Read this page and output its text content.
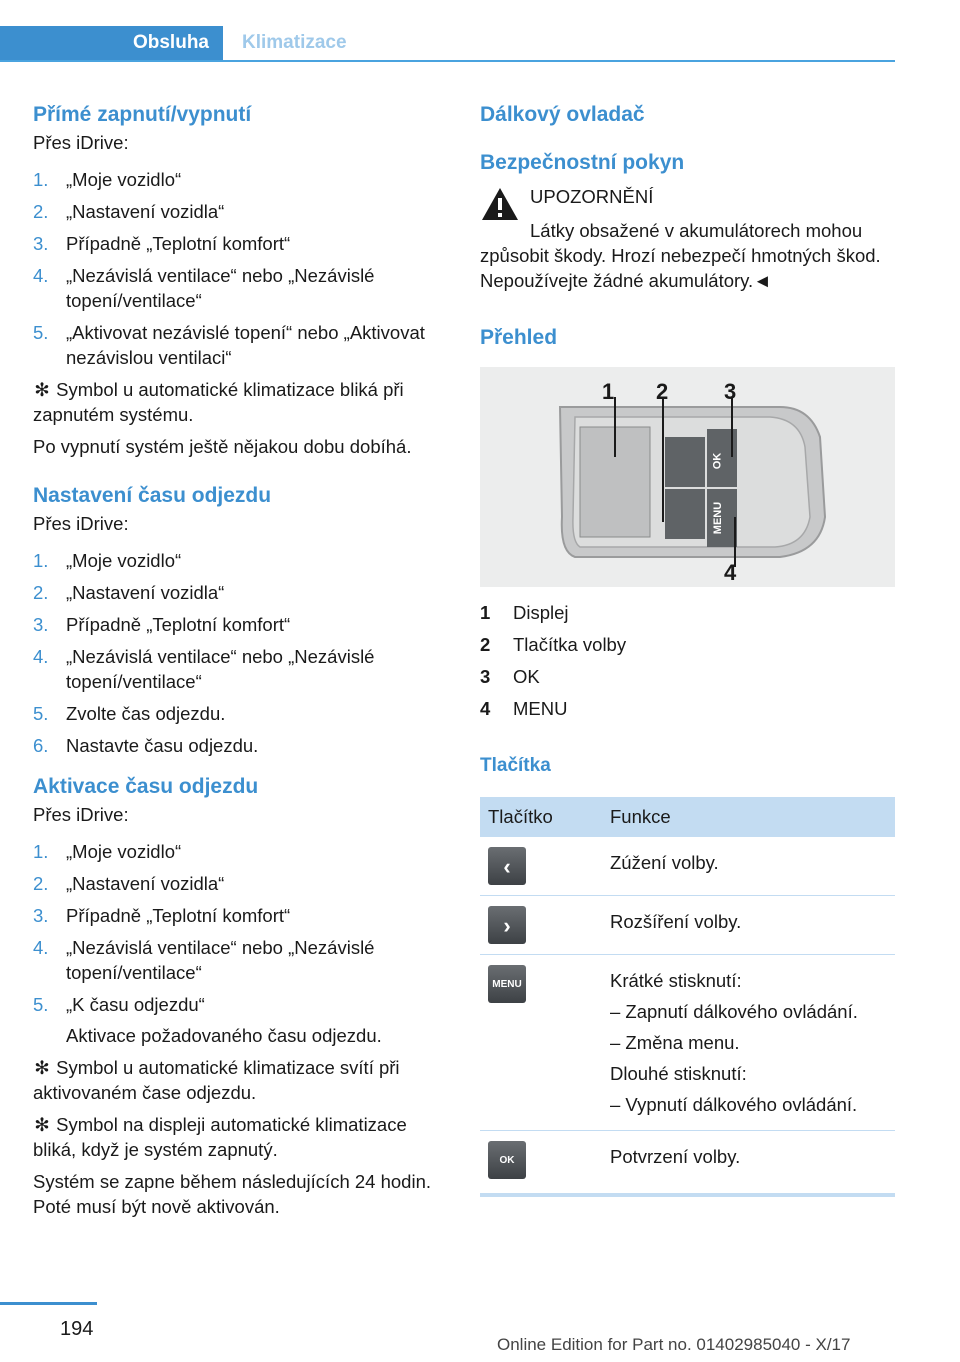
Obsluha	Klimatizace
Přímé zapnutí/vypnutí

Přes iDrive:

1. „Moje vozidlo“
2. „Nastavení vozidla“
3. Případně „Teplotní komfort“
4. „Nezávislá ventilace“ nebo „Nezávislé topení/ventilace“
5. „Aktivovat nezávislé topení“ nebo „Aktivovat nezávislou ventilaci“

✻ Symbol u automatické klimatizace bliká při zapnutém systému.

Po vypnutí systém ještě nějakou dobu dobíhá.

Nastavení času odjezdu

Přes iDrive:

1. „Moje vozidlo“
2. „Nastavení vozidla“
3. Případně „Teplotní komfort“
4. „Nezávislá ventilace“ nebo „Nezávislé topení/ventilace“
5. Zvolte čas odjezdu.
6. Nastavte času odjezdu.
Aktivace času odjezdu

Přes iDrive:

1. „Moje vozidlo“
2. „Nastavení vozidla“
3. Případně „Teplotní komfort“
4. „Nezávislá ventilace“ nebo „Nezávislé topení/ventilace“
5. „K času odjezdu“
Aktivace požadovaného času odjezdu.

✻ Symbol u automatické klimatizace svítí při aktivovaném čase odjezdu.

✻ Symbol na displeji automatické klimatizace bliká, když je systém zapnutý.

Systém se zapne během následujících 24 hodin. Poté musí být nově aktivován.

Dálkový ovladač
Bezpečnostní pokyn

UPOZORNĚNÍ

Látky obsažené v akumulátorech mohou způsobit škody. Hrozí nebezpečí hmotných škod. Nepoužívejte žádné akumulátory.◄

Přehled
1 2	3
4
OK
MENU
1	Displej
2	Tlačítka volby
3	OK
4	MENU
Tlačítka
Tlačítko	Funkce

‹	Zúžení volby.

›	Rozšíření volby.

MENU	Krátké stisknutí:
– Zapnutí dálkového ovládání.
– Změna menu.
Dlouhé stisknutí:
– Vypnutí dálkového ovládání.

OK	Potvrzení volby.
194
Online Edition for Part no. 01402985040 - X/17
